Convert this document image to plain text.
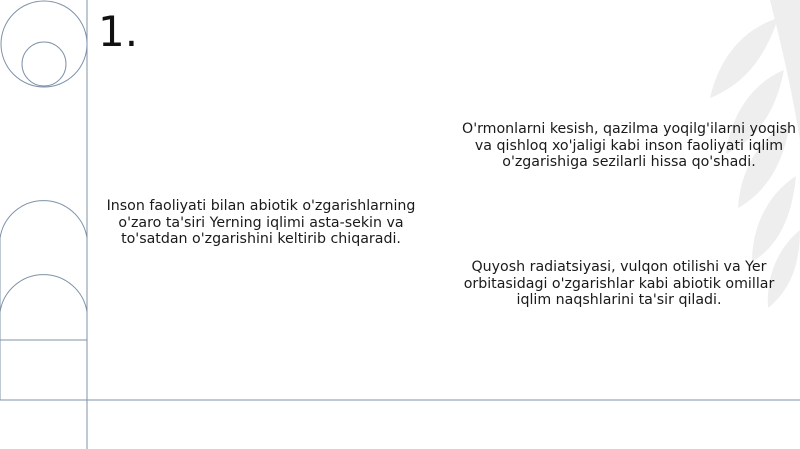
1.

O'rmonlarni kesish, qazilma yoqilg'ilarni yoqish va qishloq xo'jaligi kabi inson faoliyati iqlim o'zgarishiga sezilarli hissa qo'shadi.

Inson faoliyati bilan abiotik o'zgarishlarning o'zaro ta'siri Yerning iqlimi asta-sekin va to'satdan o'zgarishini keltirib chiqaradi.

Quyosh radiatsiyasi, vulqon otilishi va Yer orbitasidagi o'zgarishlar kabi abiotik omillar iqlim naqshlarini ta'sir qiladi.
